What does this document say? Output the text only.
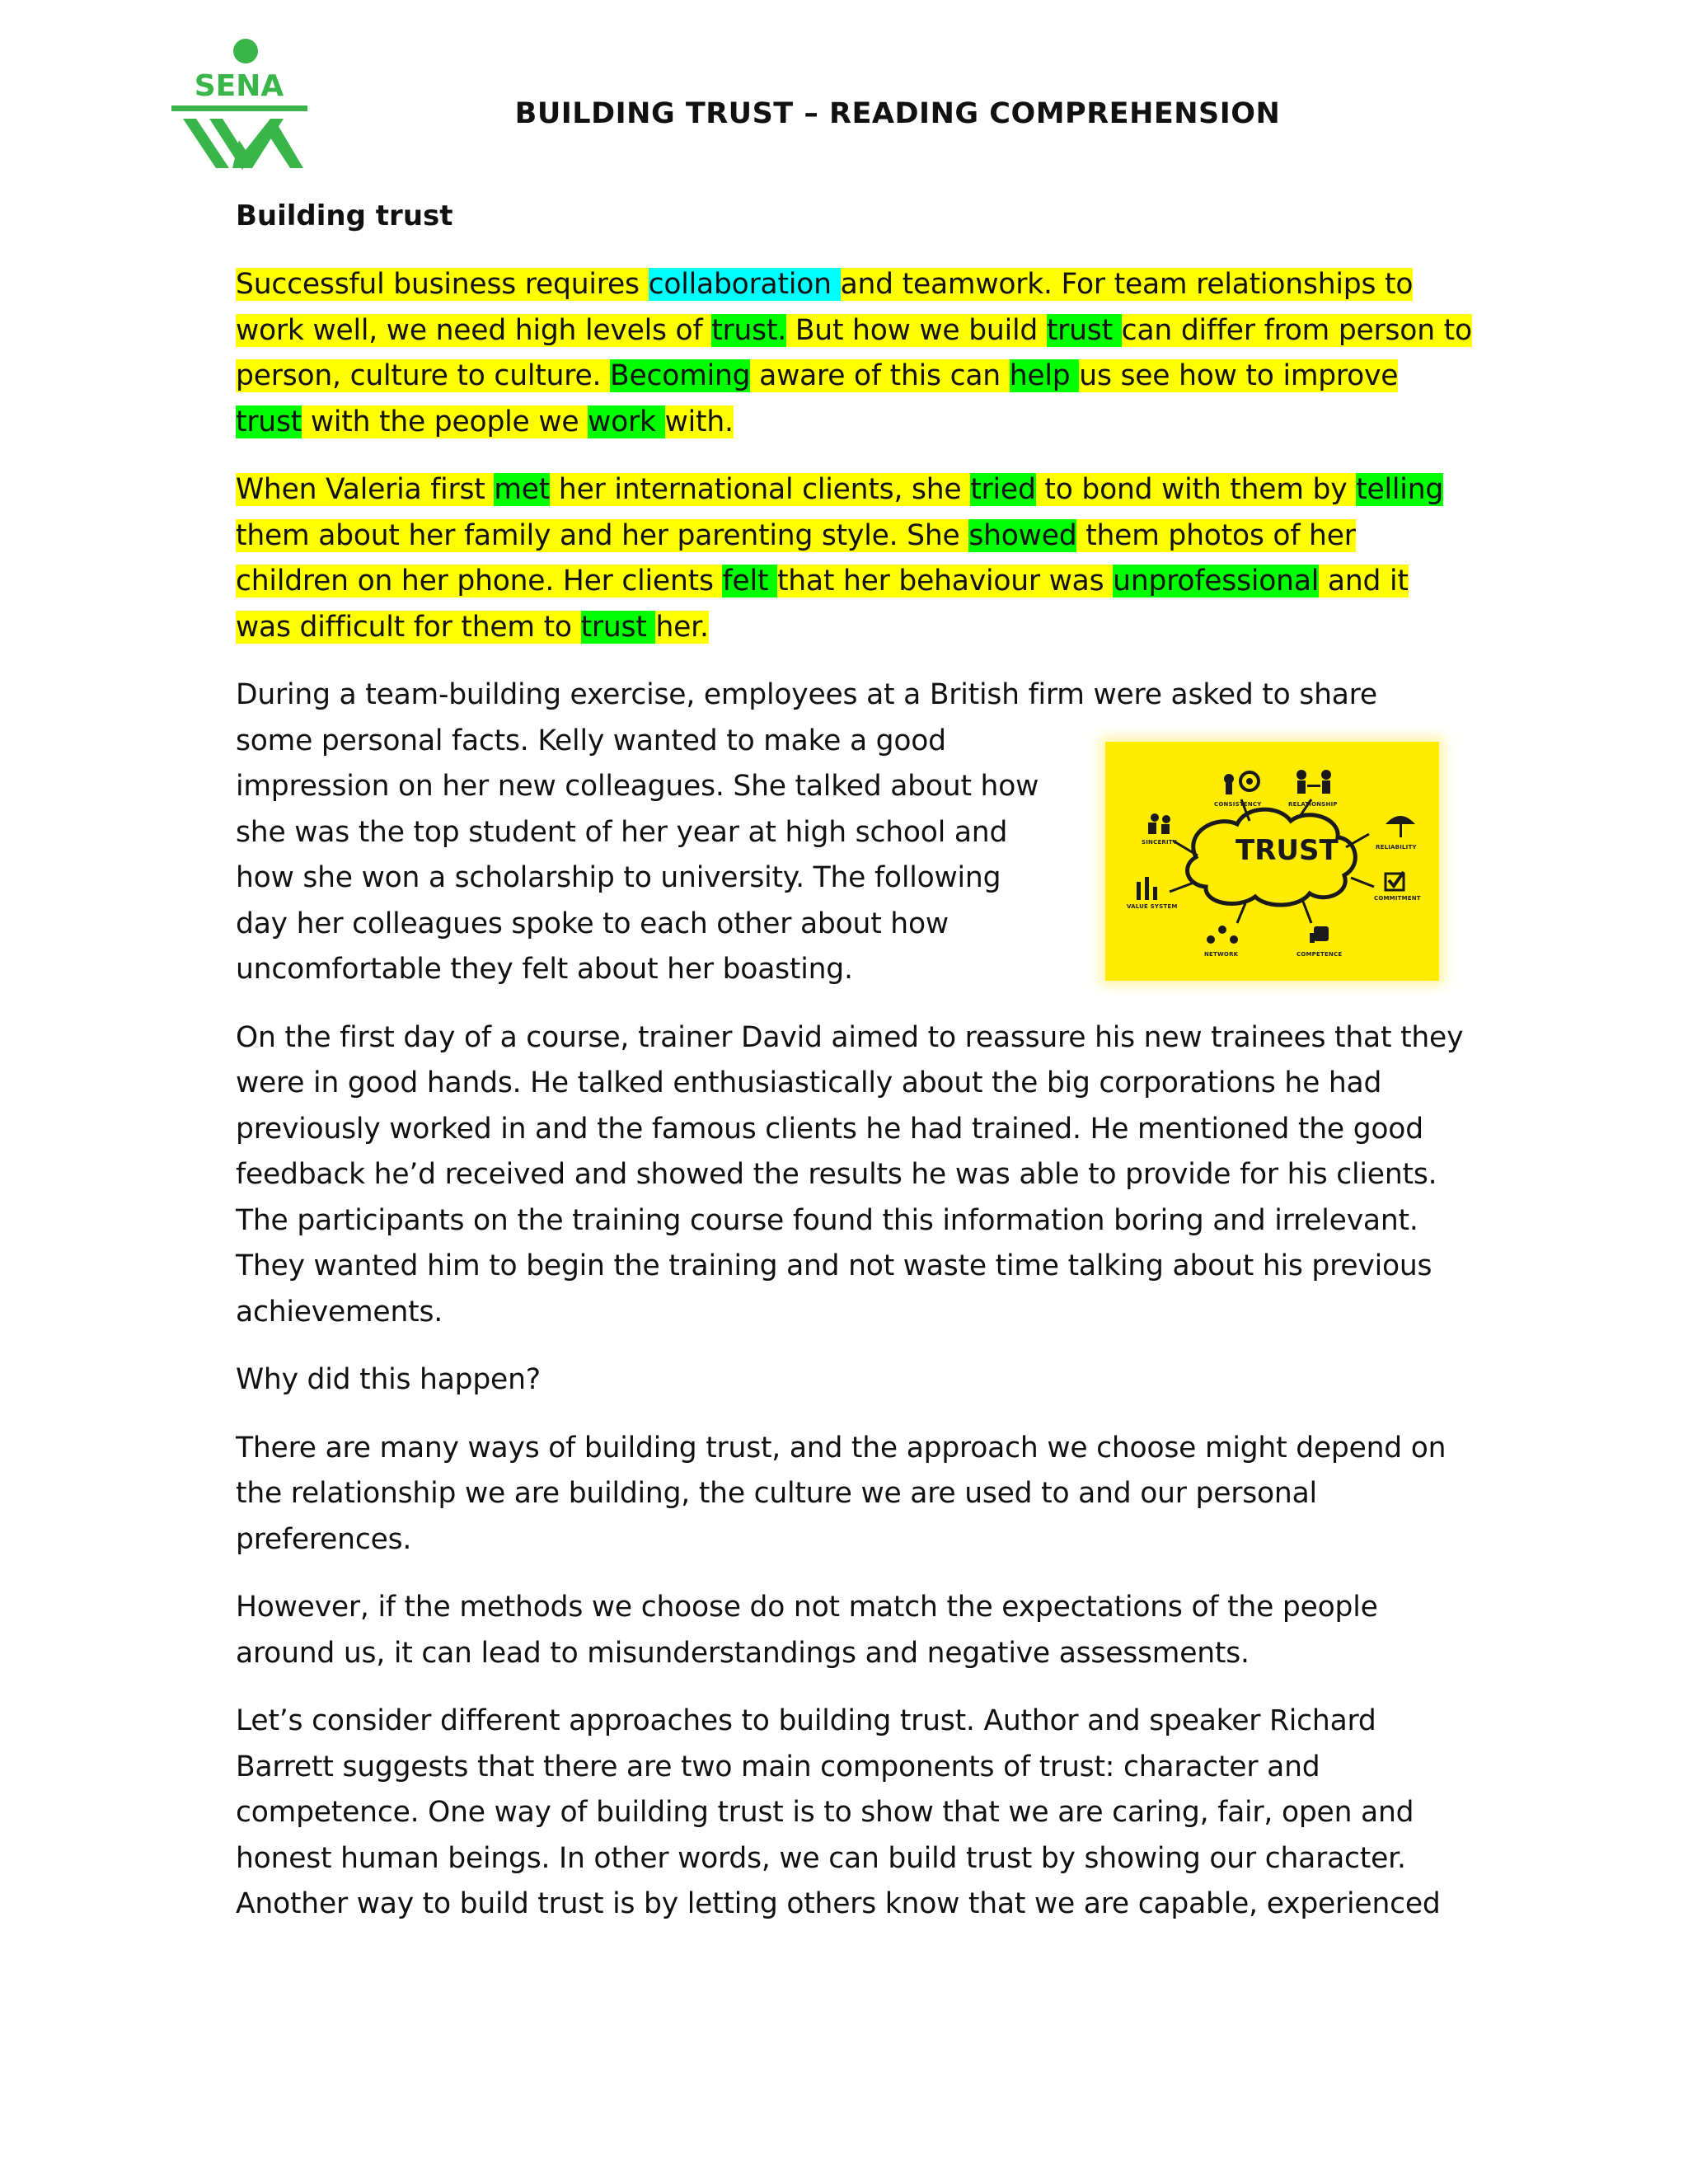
SENA
BUILDING TRUST – READING COMPREHENSION
Building trust

Successful business requires collaboration and teamwork. For team relationships to work well, we need high levels of trust. But how we build trust can differ from person to person, culture to culture. Becoming aware of this can help us see how to improve trust with the people we work with.

When Valeria first met her international clients, she tried to bond with them by telling them about her family and her parenting style. She showed them photos of her children on her phone. Her clients felt that her behaviour was unprofessional and it was difficult for them to trust her.

During a team-building exercise, employees at a British firm were asked to share

TRUST
CONSISTENCY	RELATIONSHIP
SINCERITY
RELIABILITY
VALUE SYSTEM
COMMITMENT
NETWORK	COMPETENCE

some personal facts. Kelly wanted to make a good impression on her new colleagues. She talked about how she was the top student of her year at high school and how she won a scholarship to university. The following day her colleagues spoke to each other about how uncomfortable they felt about her boasting.

On the first day of a course, trainer David aimed to reassure his new trainees that they were in good hands. He talked enthusiastically about the big corporations he had previously worked in and the famous clients he had trained. He mentioned the good feedback he’d received and showed the results he was able to provide for his clients. The participants on the training course found this information boring and irrelevant. They wanted him to begin the training and not waste time talking about his previous achievements.

Why did this happen?

There are many ways of building trust, and the approach we choose might depend on the relationship we are building, the culture we are used to and our personal preferences.

However, if the methods we choose do not match the expectations of the people around us, it can lead to misunderstandings and negative assessments.

Let’s consider different approaches to building trust. Author and speaker Richard Barrett suggests that there are two main components of trust: character and competence. One way of building trust is to show that we are caring, fair, open and honest human beings. In other words, we can build trust by showing our character. Another way to build trust is by letting others know that we are capable, experienced
